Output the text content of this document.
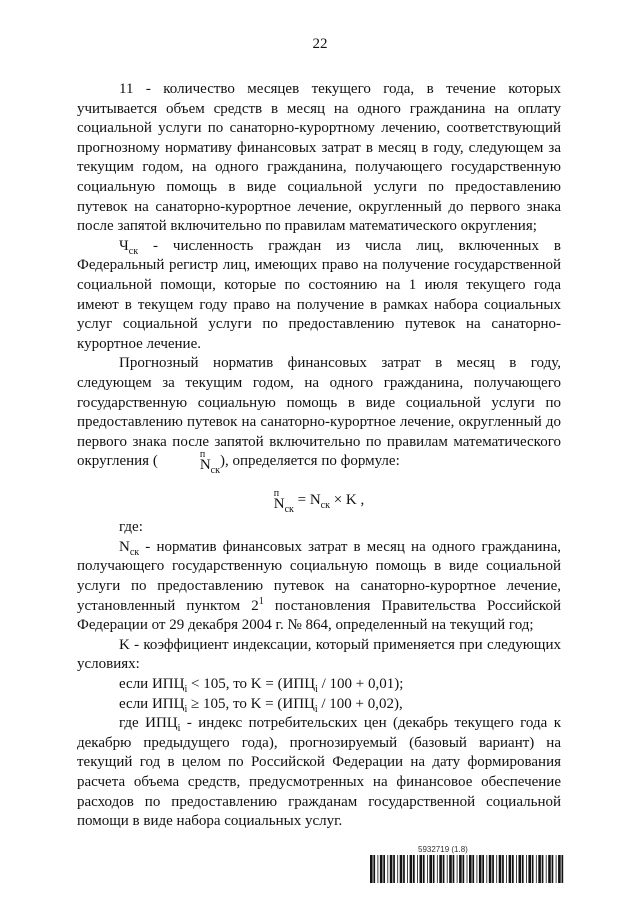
22

11 - количество месяцев текущего года, в течение которых учитывается объем средств в месяц на одного гражданина на оплату социальной услуги по санаторно-курортному лечению, соответствующий прогнозному нормативу финансовых затрат в месяц в году, следующем за текущим годом, на одного гражданина, получающего государственную социальную помощь в виде социальной услуги по предоставлению путевок на санаторно-курортное лечение, округленный до первого знака после запятой включительно по правилам математического округления;

$Ч_{ск}$ - численность граждан из числа лиц, включенных в Федеральный регистр лиц, имеющих право на получение государственной социальной помощи, которые по состоянию на 1 июля текущего года имеют в текущем году право на получение в рамках набора социальных услуг социальной услуги по предоставлению путевок на санаторно-курортное лечение.

Прогнозный норматив финансовых затрат в месяц в году, следующем за текущим годом, на одного гражданина, получающего государственную социальную помощь в виде социальной услуги по предоставлению путевок на санаторно-курортное лечение, округленный до первого знака после запятой включительно по правилам математического округления (	N
п
$_{ск}$), определяется по формуле:

N
п
$_{ск} = N_{ск} \times K$ ,

где:

$N_{ск}$ - норматив финансовых затрат в месяц на одного гражданина, получающего государственную социальную помощь в виде социальной услуги по предоставлению путевок на санаторно-курортное лечение, установленный пунктом $2^1$ постановления Правительства Российской Федерации от 29 декабря 2004 г. № 864, определенный на текущий год;

K - коэффициент индексации, который применяется при следующих условиях:

если $ИПЦ_i < 105$, то $K = (ИПЦ_i / 100 + 0,01)$;

если $ИПЦ_i \ge 105$, то $K = (ИПЦ_i / 100 + 0,02)$,

где $ИПЦ_i$ - индекс потребительских цен (декабрь текущего года к декабрю предыдущего года), прогнозируемый (базовый вариант) на текущий год в целом по Российской Федерации на дату формирования расчета объема средств, предусмотренных на финансовое обеспечение расходов по предоставлению гражданам государственной социальной помощи в виде набора социальных услуг.

5932719 (1.8)
